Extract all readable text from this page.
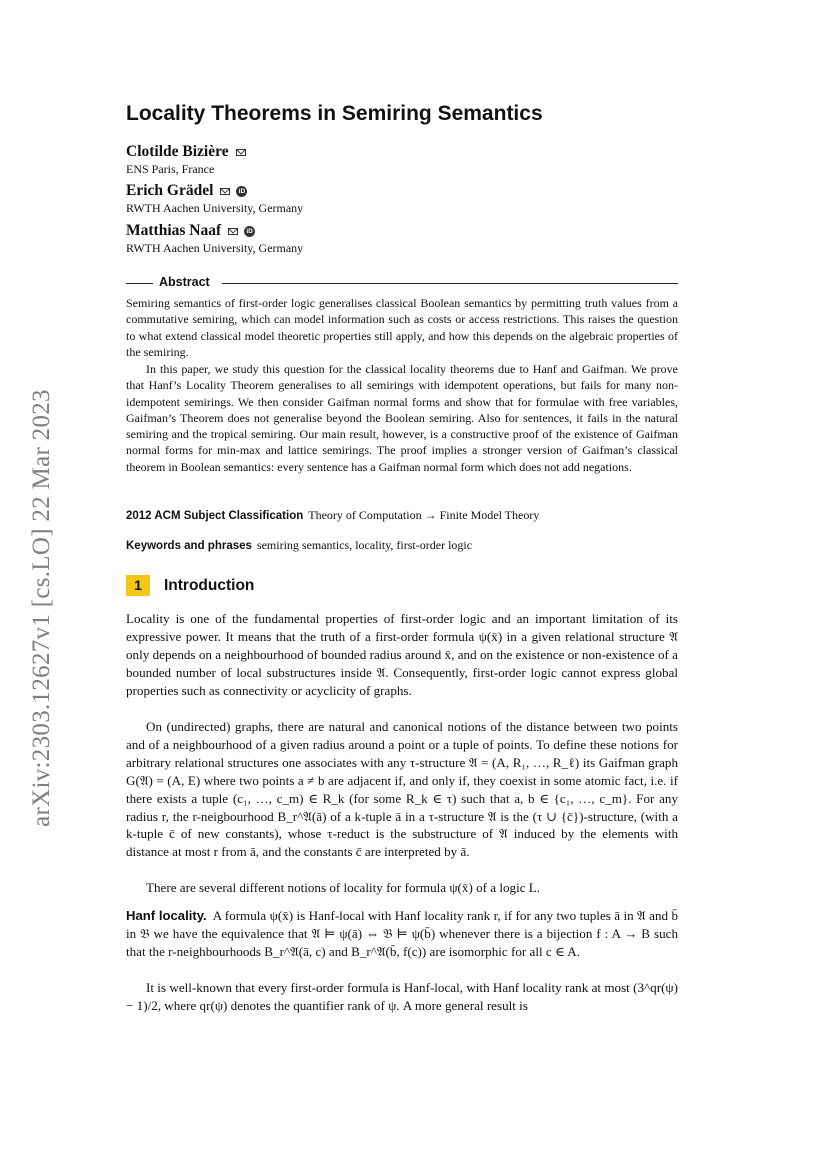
arXiv:2303.12627v1 [cs.LO] 22 Mar 2023
Locality Theorems in Semiring Semantics
Clotilde Bizière
ENS Paris, France
Erich Grädel	iD
RWTH Aachen University, Germany
Matthias Naaf	iD
RWTH Aachen University, Germany
Abstract
Semiring semantics of first-order logic generalises classical Boolean semantics by permitting truth values from a commutative semiring, which can model information such as costs or access restrictions. This raises the question to what extend classical model theoretic properties still apply, and how this depends on the algebraic properties of the semiring.
In this paper, we study this question for the classical locality theorems due to Hanf and Gaifman. We prove that Hanf’s Locality Theorem generalises to all semirings with idempotent operations, but fails for many non-idempotent semirings. We then consider Gaifman normal forms and show that for formulae with free variables, Gaifman’s Theorem does not generalise beyond the Boolean semiring. Also for sentences, it fails in the natural semiring and the tropical semiring. Our main result, however, is a constructive proof of the existence of Gaifman normal forms for min-max and lattice semirings. The proof implies a stronger version of Gaifman’s classical theorem in Boolean semantics: every sentence has a Gaifman normal form which does not add negations.
2012 ACM Subject Classification Theory of Computation → Finite Model Theory
Keywords and phrases semiring semantics, locality, first-order logic
1 Introduction
Locality is one of the fundamental properties of first-order logic and an important limitation of its expressive power. It means that the truth of a first-order formula ψ(x̄) in a given relational structure 𝔄 only depends on a neighbourhood of bounded radius around x̄, and on the existence or non-existence of a bounded number of local substructures inside 𝔄. Consequently, first-order logic cannot express global properties such as connectivity or acyclicity of graphs.
On (undirected) graphs, there are natural and canonical notions of the distance between two points and of a neighbourhood of a given radius around a point or a tuple of points. To define these notions for arbitrary relational structures one associates with any τ-structure 𝔄 = (A, R₁, …, R_ℓ) its Gaifman graph G(𝔄) = (A, E) where two points a ≠ b are adjacent if, and only if, they coexist in some atomic fact, i.e. if there exists a tuple (c₁, …, c_m) ∈ R_k (for some R_k ∈ τ) such that a, b ∈ {c₁, …, c_m}. For any radius r, the r-neigbourhood B_r^𝔄(ā) of a k-tuple ā in a τ-structure 𝔄 is the (τ ∪ {c̄})-structure, (with a k-tuple c̄ of new constants), whose τ-reduct is the substructure of 𝔄 induced by the elements with distance at most r from ā, and the constants c̄ are interpreted by ā.
There are several different notions of locality for formula ψ(x̄) of a logic L.
Hanf locality. A formula ψ(x̄) is Hanf-local with Hanf locality rank r, if for any two tuples ā in 𝔄 and b̄ in 𝔅 we have the equivalence that 𝔄 ⊨ ψ(ā) ⇔ 𝔅 ⊨ ψ(b̄) whenever there is a bijection f : A → B such that the r-neighbourhoods B_r^𝔄(ā, c) and B_r^𝔄(b̄, f(c)) are isomorphic for all c ∈ A.
It is well-known that every first-order formula is Hanf-local, with Hanf locality rank at most (3^qr(ψ) − 1)/2, where qr(ψ) denotes the quantifier rank of ψ. A more general result is
